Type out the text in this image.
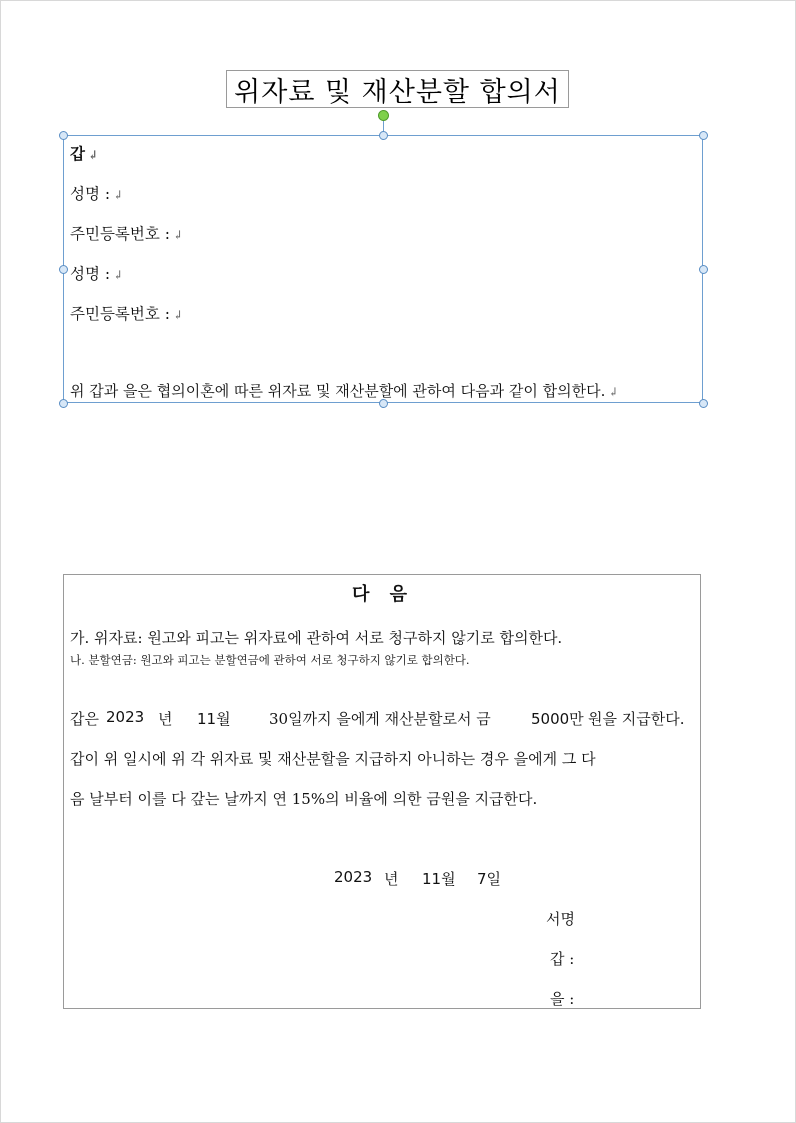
위자료 및 재산분할 합의서
갑 ↲
성명 : ↲
주민등록번호 : ↲
성명 : ↲
주민등록번호 : ↲
위 갑과 을은 협의이혼에 따른 위자료 및 재산분할에 관하여 다음과 같이 합의한다. ↲
다 음
가. 위자료: 원고와 피고는 위자료에 관하여 서로 청구하지 않기로 합의한다.
나. 분할연금: 원고와 피고는 분할연금에 관하여 서로 청구하지 않기로 합의한다.
갑은 2023 년 11월	30일까지 을에게 재산분할로서 금	5000만 원을 지급한다.
갑이 위 일시에 위 각 위자료 및 재산분할을 지급하지 아니하는 경우 을에게 그 다
음 날부터 이를 다 갚는 날까지 연 15%의 비율에 의한 금원을 지급한다.
2023 년 11월 7일
서명
갑 :
을 :
